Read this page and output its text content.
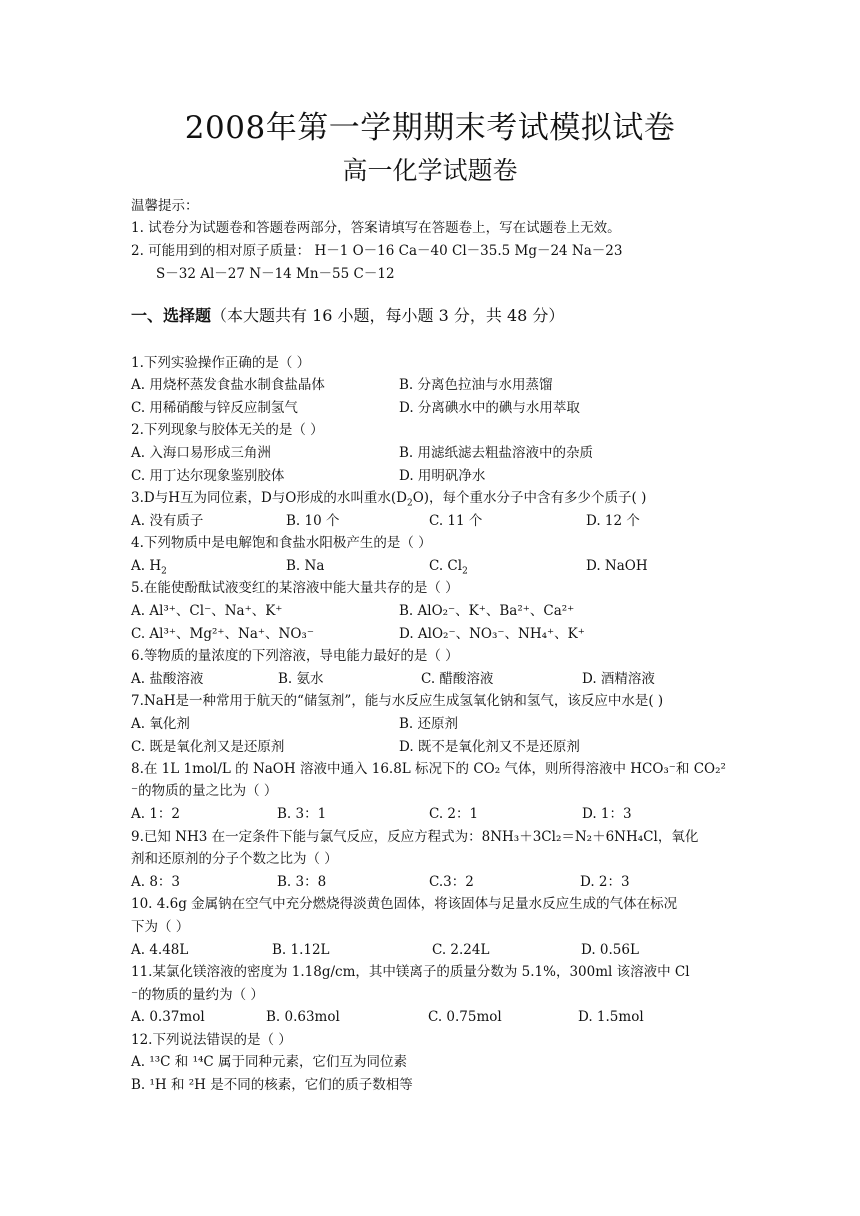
2008年第一学期期末考试模拟试卷
高一化学试题卷
温馨提示：
1. 试卷分为试题卷和答题卷两部分，答案请填写在答题卷上，写在试题卷上无效。
2. 可能用到的相对原子质量： H－1 O－16 Ca－40 Cl－35.5 Mg－24 Na－23
S－32 Al－27 N－14 Mn－55 C－12
一、选择题（本大题共有 16 小题，每小题 3 分，共 48 分）
1.下列实验操作正确的是（ ）
A. 用烧杯蒸发食盐水制食盐晶体	B. 分离色拉油与水用蒸馏
C. 用稀硝酸与锌反应制氢气	D. 分离碘水中的碘与水用萃取
2.下列现象与胶体无关的是（ ）
A. 入海口易形成三角洲	B. 用滤纸滤去粗盐溶液中的杂质
C. 用丁达尔现象鉴别胶体	D. 用明矾净水
3.D与H互为同位素，D与O形成的水叫重水$(D_2O)$，每个重水分子中含有多少个质子( )
A. 没有质子	B. 10 个	C. 11 个	D. 12 个
4.下列物质中是电解饱和食盐水阳极产生的是（ ）
A. $H_2$	B. Na	C. $Cl_2$	D. NaOH
5.在能使酚酞试液变红的某溶液中能大量共存的是（ ）
A. Al³⁺、Cl⁻、Na⁺、K⁺	B. AlO₂⁻、K⁺、Ba²⁺、Ca²⁺
C. Al³⁺、Mg²⁺、Na⁺、NO₃⁻	D. AlO₂⁻、NO₃⁻、NH₄⁺、K⁺
6.等物质的量浓度的下列溶液，导电能力最好的是（ ）
A. 盐酸溶液	B. 氨水	C. 醋酸溶液	D. 酒精溶液
7.NaH是一种常用于航天的“储氢剂”，能与水反应生成氢氧化钠和氢气，该反应中水是( )
A. 氧化剂	B. 还原剂
C. 既是氧化剂又是还原剂	D. 既不是氧化剂又不是还原剂
8.在 1L 1mol/L 的 NaOH 溶液中通入 16.8L 标况下的 CO₂ 气体，则所得溶液中 HCO₃⁻和 CO₂²
⁻的物质的量之比为（ ）
A. 1：2	B. 3：1	C. 2：1	D. 1：3
9.已知 NH3 在一定条件下能与氯气反应，反应方程式为：8NH₃＋3Cl₂＝N₂＋6NH₄Cl，氧化
剂和还原剂的分子个数之比为（ ）
A. 8：3	B. 3：8	C.3：2	D. 2：3
10. 4.6g 金属钠在空气中充分燃烧得淡黄色固体，将该固体与足量水反应生成的气体在标况
下为（ ）
A. 4.48L	B. 1.12L	C. 2.24L	D. 0.56L
11.某氯化镁溶液的密度为 1.18g/cm，其中镁离子的质量分数为 5.1%，300ml 该溶液中 Cl
⁻的物质的量约为（ ）
A. 0.37mol	B. 0.63mol	C. 0.75mol	D. 1.5mol
12.下列说法错误的是（ ）
A. ¹³C 和 ¹⁴C 属于同种元素，它们互为同位素
B. ¹H 和 ²H 是不同的核素，它们的质子数相等
